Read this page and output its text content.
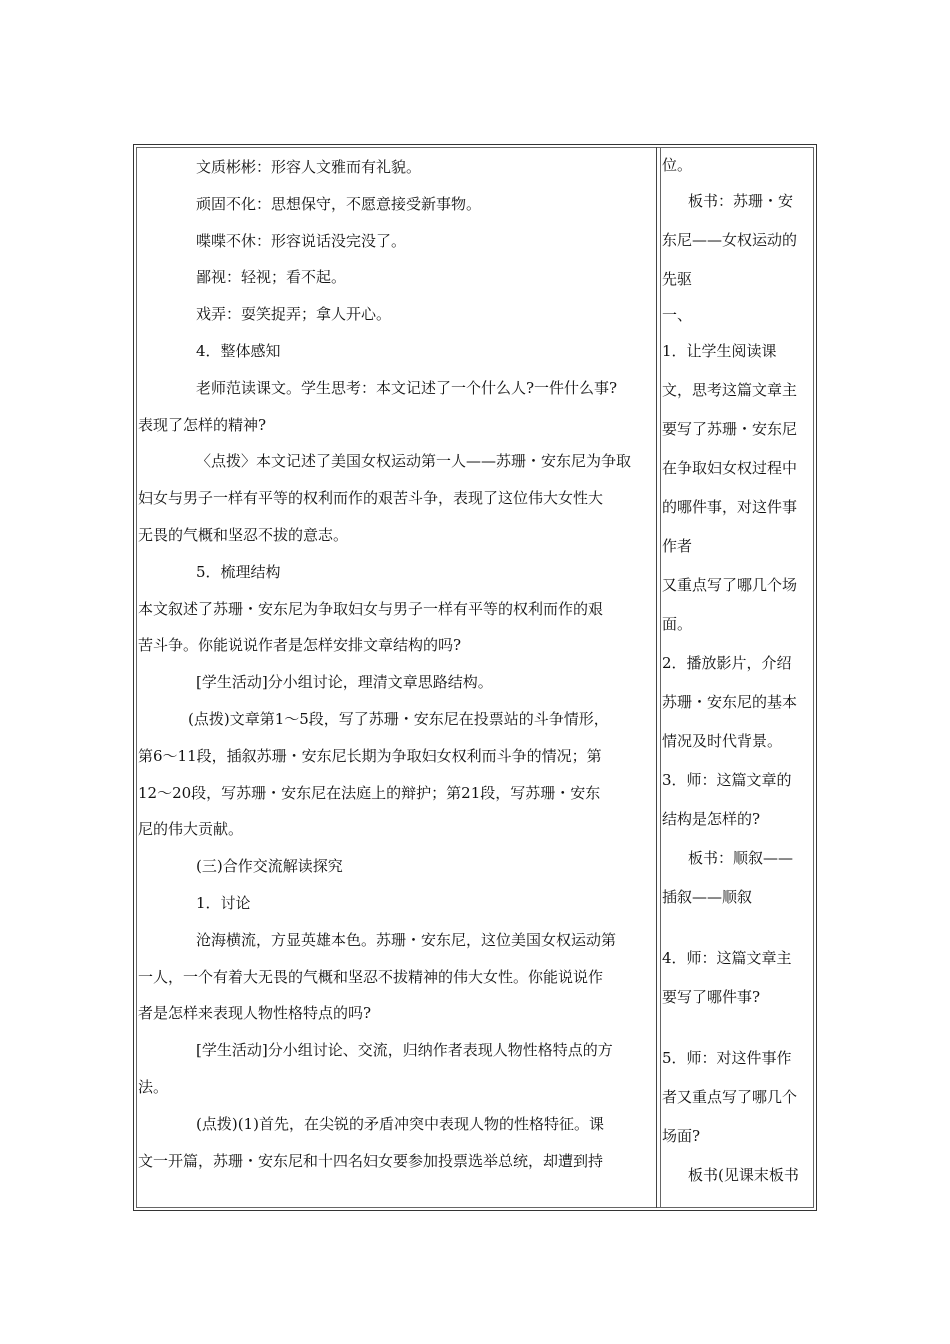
文质彬彬：形容人文雅而有礼貌。
顽固不化：思想保守，不愿意接受新事物。
喋喋不休：形容说话没完没了。
鄙视：轻视；看不起。
戏弄：耍笑捉弄；拿人开心。
4．整体感知
老师范读课文。学生思考：本文记述了一个什么人?一件什么事?
表现了怎样的精神?
〈点拨〉本文记述了美国女权运动第一人——苏珊・安东尼为争取
妇女与男子一样有平等的权利而作的艰苦斗争，表现了这位伟大女性大
无畏的气概和坚忍不拔的意志。
5．梳理结构
本文叙述了苏珊・安东尼为争取妇女与男子一样有平等的权利而作的艰
苦斗争。你能说说作者是怎样安排文章结构的吗?
[学生活动]分小组讨论，理清文章思路结构。
(点拨)文章第1～5段，写了苏珊・安东尼在投票站的斗争情形，
第6～11段，插叙苏珊・安东尼长期为争取妇女权利而斗争的情况；第
12～20段，写苏珊・安东尼在法庭上的辩护；第21段，写苏珊・安东
尼的伟大贡献。
(三)合作交流解读探究
1．讨论
沧海横流，方显英雄本色。苏珊・安东尼，这位美国女权运动第
一人，一个有着大无畏的气概和坚忍不拔精神的伟大女性。你能说说作
者是怎样来表现人物性格特点的吗?
[学生活动]分小组讨论、交流，归纳作者表现人物性格特点的方
法。
(点拨)(1)首先，在尖锐的矛盾冲突中表现人物的性格特征。课
文一开篇，苏珊・安东尼和十四名妇女要参加投票选举总统，却遭到持
位。
板书：苏珊・安
东尼——女权运动的
先驱
一、
1．让学生阅读课
文，思考这篇文章主
要写了苏珊・安东尼
在争取妇女权过程中
的哪件事，对这件事
作者
又重点写了哪几个场
面。
2．播放影片，介绍
苏珊・安东尼的基本
情况及时代背景。
3．师：这篇文章的
结构是怎样的?
板书：顺叙——
插叙——顺叙
4．师：这篇文章主
要写了哪件事?
5．师：对这件事作
者又重点写了哪几个
场面?
板书(见课末板书
